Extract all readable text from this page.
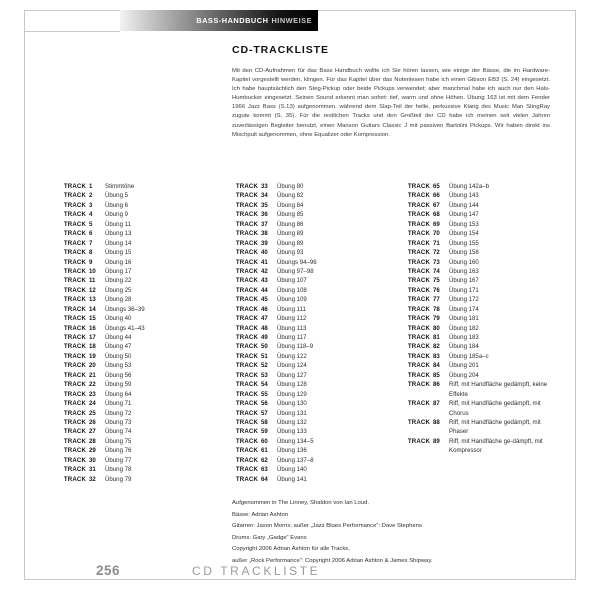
BASS-HANDBUCH HINWEISE
CD-TRACKLISTE

Mit den CD-Aufnahmen für das Bass Handbuch wollte ich Sie hören lassen, wie einige der Bässe, die im Hardware-Kapitel vorgestellt werden, klingen. Für das Kapitel über das Notenlesen habe ich einen Gibson EB3 (S. 24) eingesetzt. Ich habe hauptsächlich den Steg-Pickup oder beide Pickups verwendet; aber manchmal habe ich auch nur den Hals-Humbucker eingesetzt. Seinen Sound erkennt man sofort: tief, warm und ohne Höhen. Übung 163 ist mit dem Fender 1966 Jazz Bass (S.13) aufgenommen, während dem Slap-Teil der helle, perkussive Klang des Music Man StingRay zugute kommt (S. 35). Für die restlichen Tracks und den Großteil der CD habe ich meinen seit vielen Jahren zuverlässigen Begleiter benutzt, einen Manson Guitars Classic J mit passiven Bartolini Pickups. Wir haben direkt ins Mischpult aufgenommen, ohne Equalizer oder Kompression.

TRACK 1	Stimmtöne
TRACK 2	Übung 5
TRACK 3	Übung 6
TRACK 4	Übung 9
TRACK 5	Übung 11
TRACK 6	Übung 13
TRACK 7	Übung 14
TRACK 8	Übung 15
TRACK 9	Übung 16
TRACK 10	Übung 17
TRACK 11	Übung 22
TRACK 12	Übung 25
TRACK 13	Übung 28
TRACK 14	Übungs 36–39
TRACK 15	Übung 40
TRACK 16	Übungs 41–43
TRACK 17	Übung 44
TRACK 18	Übung 47
TRACK 19	Übung 50
TRACK 20	Übung 53
TRACK 21	Übung 56
TRACK 22	Übung 59
TRACK 23	Übung 64
TRACK 24	Übung 71
TRACK 25	Übung 72
TRACK 26	Übung 73
TRACK 27	Übung 74
TRACK 28	Übung 75
TRACK 29	Übung 76
TRACK 30	Übung 77
TRACK 31	Übung 78
TRACK 32	Übung 79
TRACK 33	Übung 80
TRACK 34	Übung 82
TRACK 35	Übung 84
TRACK 36	Übung 85
TRACK 37	Übung 86
TRACK 38	Übung 89
TRACK 39	Übung 89
TRACK 40	Übung 93
TRACK 41	Übungs 94–96
TRACK 42	Übung 97–98
TRACK 43	Übung 107
TRACK 44	Übung 108
TRACK 45	Übung 109
TRACK 46	Übung 111
TRACK 47	Übung 112
TRACK 48	Übung 113
TRACK 49	Übung 117
TRACK 50	Übung 118–9
TRACK 51	Übung 122
TRACK 52	Übung 124
TRACK 53	Übung 127
TRACK 54	Übung 128
TRACK 55	Übung 129
TRACK 56	Übung 130
TRACK 57	Übung 131
TRACK 58	Übung 132
TRACK 59	Übung 133
TRACK 60	Übung 134–5
TRACK 61	Übung 136
TRACK 62	Übung 137–8
TRACK 63	Übung 140
TRACK 64	Übung 141
TRACK 65	Übung 142a–b
TRACK 66	Übung 143
TRACK 67	Übung 144
TRACK 68	Übung 147
TRACK 69	Übung 153
TRACK 70	Übung 154
TRACK 71	Übung 155
TRACK 72	Übung 158
TRACK 73	Übung 160
TRACK 74	Übung 163
TRACK 75	Übung 167
TRACK 76	Übung 171
TRACK 77	Übung 172
TRACK 78	Übung 174
TRACK 79	Übung 181
TRACK 80	Übung 182
TRACK 81	Übung 183
TRACK 82	Übung 184
TRACK 83	Übung 185a–c
TRACK 84	Übung 201
TRACK 85	Übung 204
TRACK 86	Riff, mit Handfläche gedämpft, keine Effekte
TRACK 87	Riff, mit Handfläche gedämpft, mit Chorus
TRACK 88	Riff, mit Handfläche gedämpft, mit Phaser
TRACK 89	Riff, mit Handfläche ge-dämpft, mit Kompressor
Aufgenommen in The Linney, Shaldon von Ian Loud.
Bässe: Adrian Ashton
Gitarren: Jason Morris; außer „Jazz Blues Performance“: Dave Stephens
Drums: Gary „Gadge“ Evans
Copyright 2006 Adrian Ashton für alle Tracks,
außer „Rock Performance“: Copyright 2006 Adrian Ashton & James Shipway.
256	CD TRACKLISTE
